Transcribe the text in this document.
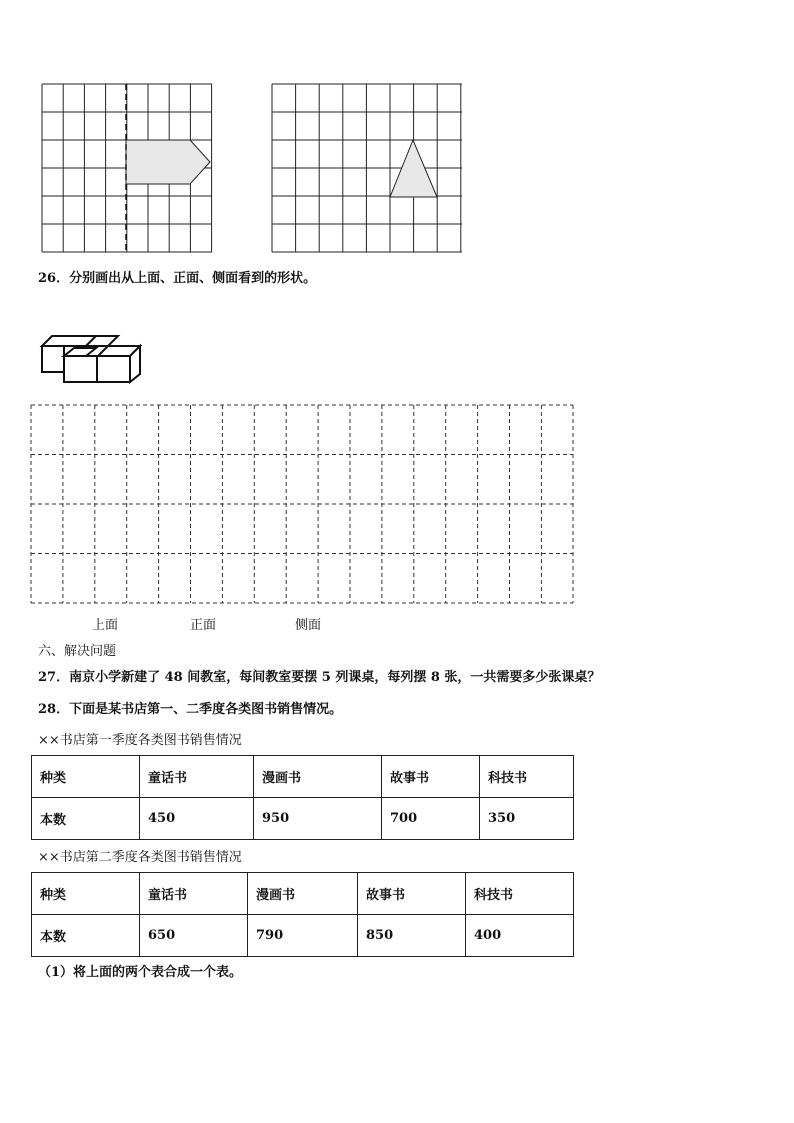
26．分别画出从上面、正面、侧面看到的形状。
上面	正面	侧面
六、解决问题
27．南京小学新建了 48 间教室，每间教室要摆 5 列课桌，每列摆 8 张，一共需要多少张课桌？
28．下面是某书店第一、二季度各类图书销售情况。
××书店第一季度各类图书销售情况
种类	童话书	漫画书	故事书	科技书
本数	450	950	700	350
××书店第二季度各类图书销售情况
种类	童话书	漫画书	故事书	科技书
本数	650	790	850	400
（1）将上面的两个表合成一个表。
